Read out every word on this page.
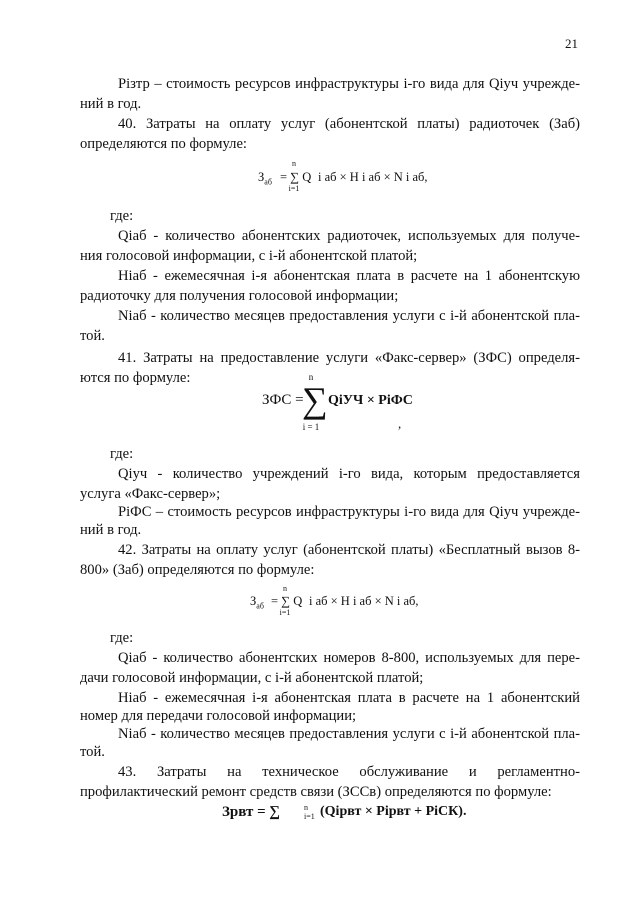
21
Рiзтр – стоимость ресурсов инфраструктуры i-го вида для Qiуч учрежде-
ний в год.
40. Затраты на оплату услуг (абонентской платы) радиоточек (Заб)
определяются по формуле:
$З_{аб}$
n
= ∑ Q i аб × H i аб × N i аб,
i=1
где:
Qiаб - количество абонентских радиоточек, используемых для получе-
ния голосовой информации, с i-й абонентской платой;
Hiаб - ежемесячная i-я абонентская плата в расчете на 1 абонентскую
радиоточку для получения голосовой информации;
Niаб - количество месяцев предоставления услуги с i-й абонентской пла-
той.
41. Затраты на предоставление услуги «Факс-сервер» (ЗФС) определя-
ются по формуле:
ЗФС =
n
∑ QiУЧ × РiФС
i = 1	,
где:
Qiуч - количество учреждений i-го вида, которым предоставляется
услуга «Факс-сервер»;
РiФС – стоимость ресурсов инфраструктуры i-го вида для Qiуч учрежде-
ний в год.
42. Затраты на оплату услуг (абонентской платы) «Бесплатный вызов 8-
800» (Заб) определяются по формуле:
$З_{аб}$
n
= ∑ Q i аб × H i аб × N i аб,
i=1
где:
Qiаб - количество абонентских номеров 8-800, используемых для пере-
дачи голосовой информации, с i-й абонентской платой;
Hiаб - ежемесячная i-я абонентская плата в расчете на 1 абонентский
номер для передачи голосовой информации;
Niаб - количество месяцев предоставления услуги с i-й абонентской пла-
той.
43. Затраты на техническое обслуживание и регламентно-
профилактический ремонт средств связи (ЗССв) определяются по формуле:
Зрвт = ∑	n i=1 (Qiрвт × Рiрвт + РiСК).
